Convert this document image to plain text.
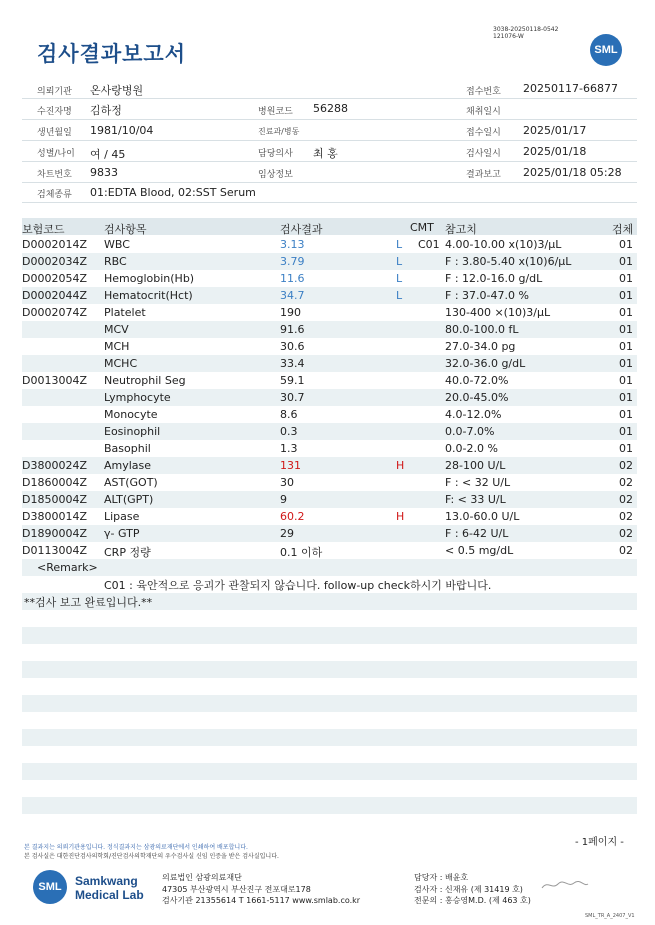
검사결과보고서
3038-20250118-0542
121076-W
SML
의뢰기관 온사랑병원	접수번호 20250117-66877
수진자명 김하정	병원코드 56288	채취일시
생년월일 1981/10/04	진료과/병동	접수일시 2025/01/17
성별/나이 여 / 45	담당의사 최 홍	검사일시 2025/01/18
차트번호 9833	임상정보	결과보고 2025/01/18 05:28
검체종류 01:EDTA Blood, 02:SST Serum
보험코드	검사항목	검사결과	CMT 참고치	검체
D0002014Z WBC	3.13	L C01 4.00-10.00 x(10)3/μL	01
D0002034Z RBC	3.79	L	F : 3.80-5.40 x(10)6/μL	01
D0002054Z Hemoglobin(Hb)	11.6	L	F : 12.0-16.0 g/dL	01
D0002044Z Hematocrit(Hct)	34.7	L	F : 37.0-47.0 %	01
D0002074Z Platelet	190	130-400 ×(10)3/μL	01
MCV	91.6	80.0-100.0 fL	01
MCH	30.6	27.0-34.0 pg	01
MCHC	33.4	32.0-36.0 g/dL	01
D0013004Z Neutrophil Seg	59.1	40.0-72.0%	01
Lymphocyte	30.7	20.0-45.0%	01
Monocyte	8.6	4.0-12.0%	01
Eosinophil	0.3	0.0-7.0%	01
Basophil	1.3	0.0-2.0 %	01
D3800024Z Amylase	131	H	28-100 U/L	02
D1860004Z AST(GOT)	30	F : < 32 U/L	02
D1850004Z ALT(GPT)	9	F: < 33 U/L	02
D3800014Z Lipase	60.2	H	13.0-60.0 U/L	02
D1890004Z γ- GTP	29	F : 6-42 U/L	02
D0113004Z CRP 정량	0.1 이하	< 0.5 mg/dL	02
<Remark>
C01 : 육안적으로 응괴가 관찰되지 않습니다. follow-up check하시기 바랍니다.
**검사 보고 완료입니다.**
- 1페이지 -
본 결과지는 의뢰기관용입니다. 정식결과지는 삼광의료재단에서 인쇄하여 배포합니다.
본 검사실은 대한진단검사의학회/진단검사의학재단의 우수검사실 신임 인증을 받은 검사실입니다.
SML	Samkwang
Medical Lab
의료법인 삼광의료재단
47305 부산광역시 부산진구 전포대로178
검사기관 21355614 T 1661-5117 www.smlab.co.kr
담당자 : 배윤호
검사자 : 신재유 (제 31419 호)
전문의 : 홍승영M.D. (제 463 호)
SML_TR_A_2407_V1
